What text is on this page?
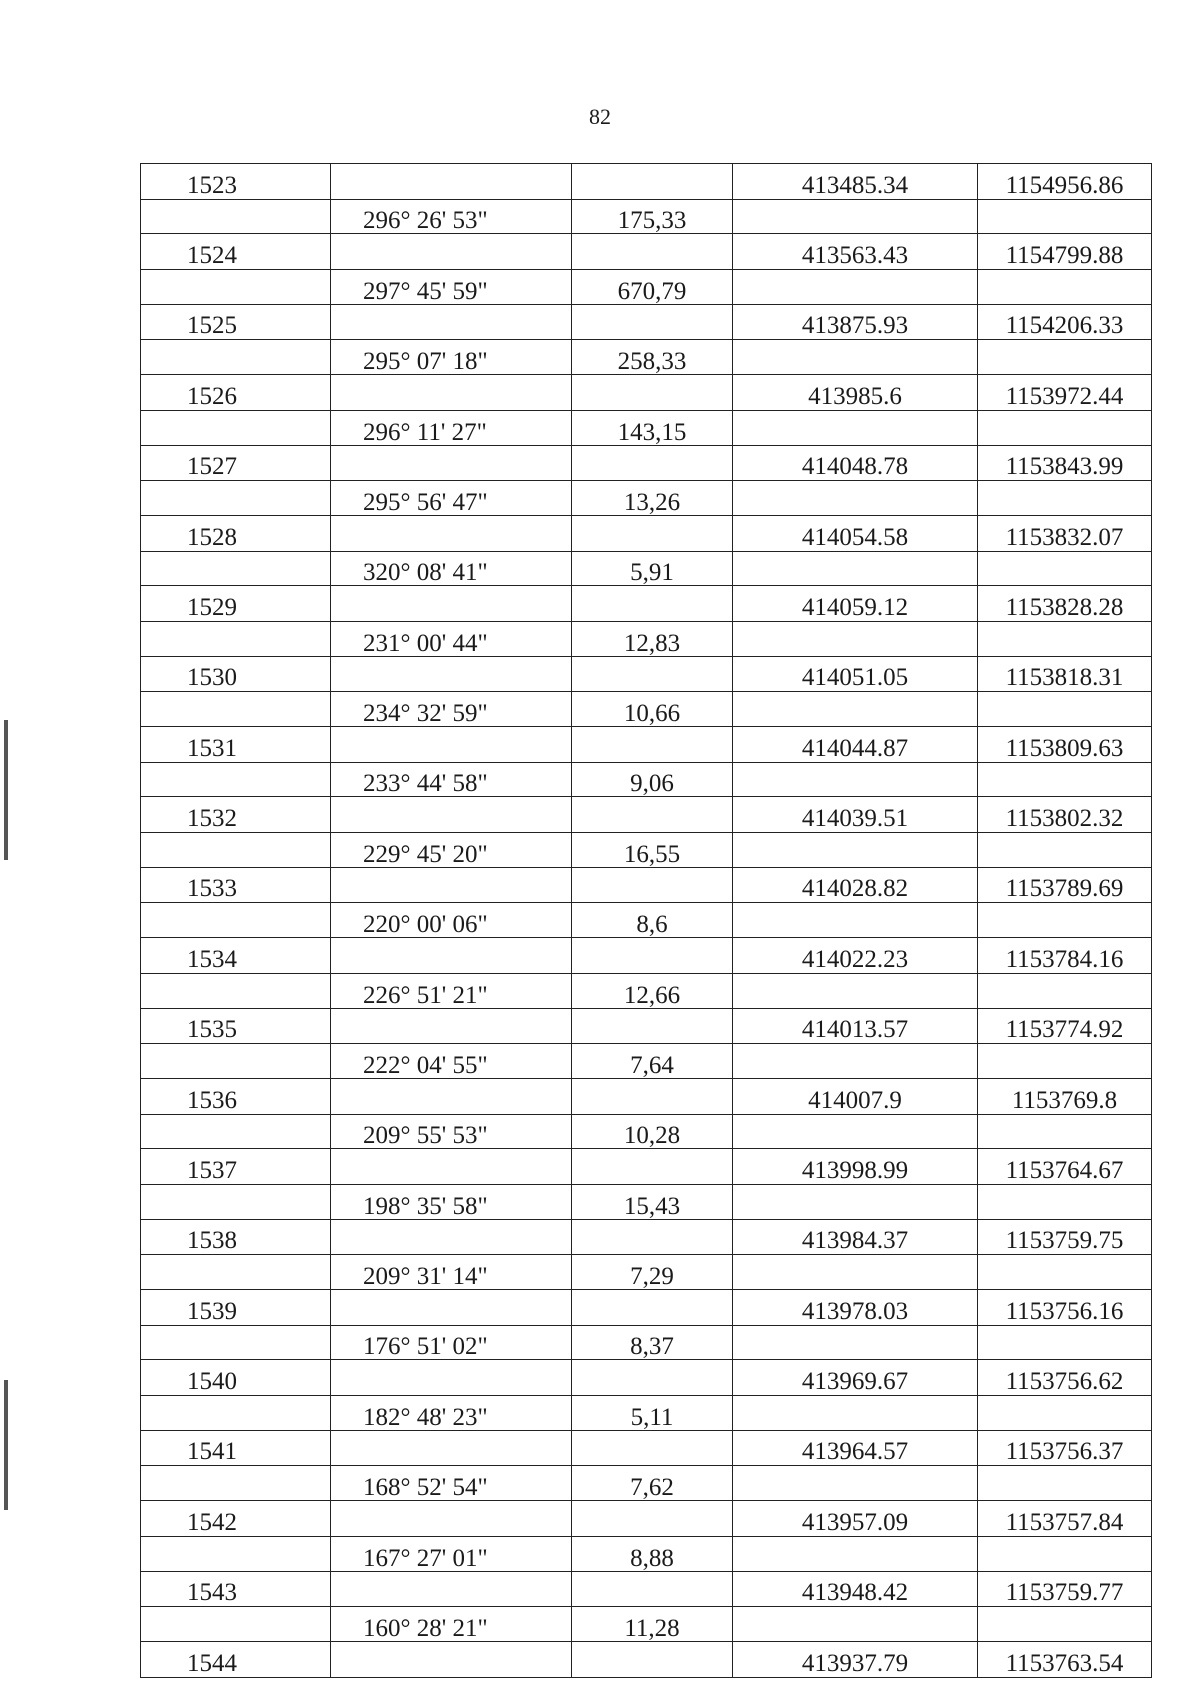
82
1523			413485.34	1154956.86
	296° 26' 53"	175,33		
1524			413563.43	1154799.88
	297° 45' 59"	670,79		
1525			413875.93	1154206.33
	295° 07' 18"	258,33		
1526			413985.6	1153972.44
	296° 11' 27"	143,15		
1527			414048.78	1153843.99
	295° 56' 47"	13,26		
1528			414054.58	1153832.07
	320° 08' 41"	5,91		
1529			414059.12	1153828.28
	231° 00' 44"	12,83		
1530			414051.05	1153818.31
	234° 32' 59"	10,66		
1531			414044.87	1153809.63
	233° 44' 58"	9,06		
1532			414039.51	1153802.32
	229° 45' 20"	16,55		
1533			414028.82	1153789.69
	220° 00' 06"	8,6		
1534			414022.23	1153784.16
	226° 51' 21"	12,66		
1535			414013.57	1153774.92
	222° 04' 55"	7,64		
1536			414007.9	1153769.8
	209° 55' 53"	10,28		
1537			413998.99	1153764.67
	198° 35' 58"	15,43		
1538			413984.37	1153759.75
	209° 31' 14"	7,29		
1539			413978.03	1153756.16
	176° 51' 02"	8,37		
1540			413969.67	1153756.62
	182° 48' 23"	5,11		
1541			413964.57	1153756.37
	168° 52' 54"	7,62		
1542			413957.09	1153757.84
	167° 27' 01"	8,88		
1543			413948.42	1153759.77
	160° 28' 21"	11,28		
1544			413937.79	1153763.54
